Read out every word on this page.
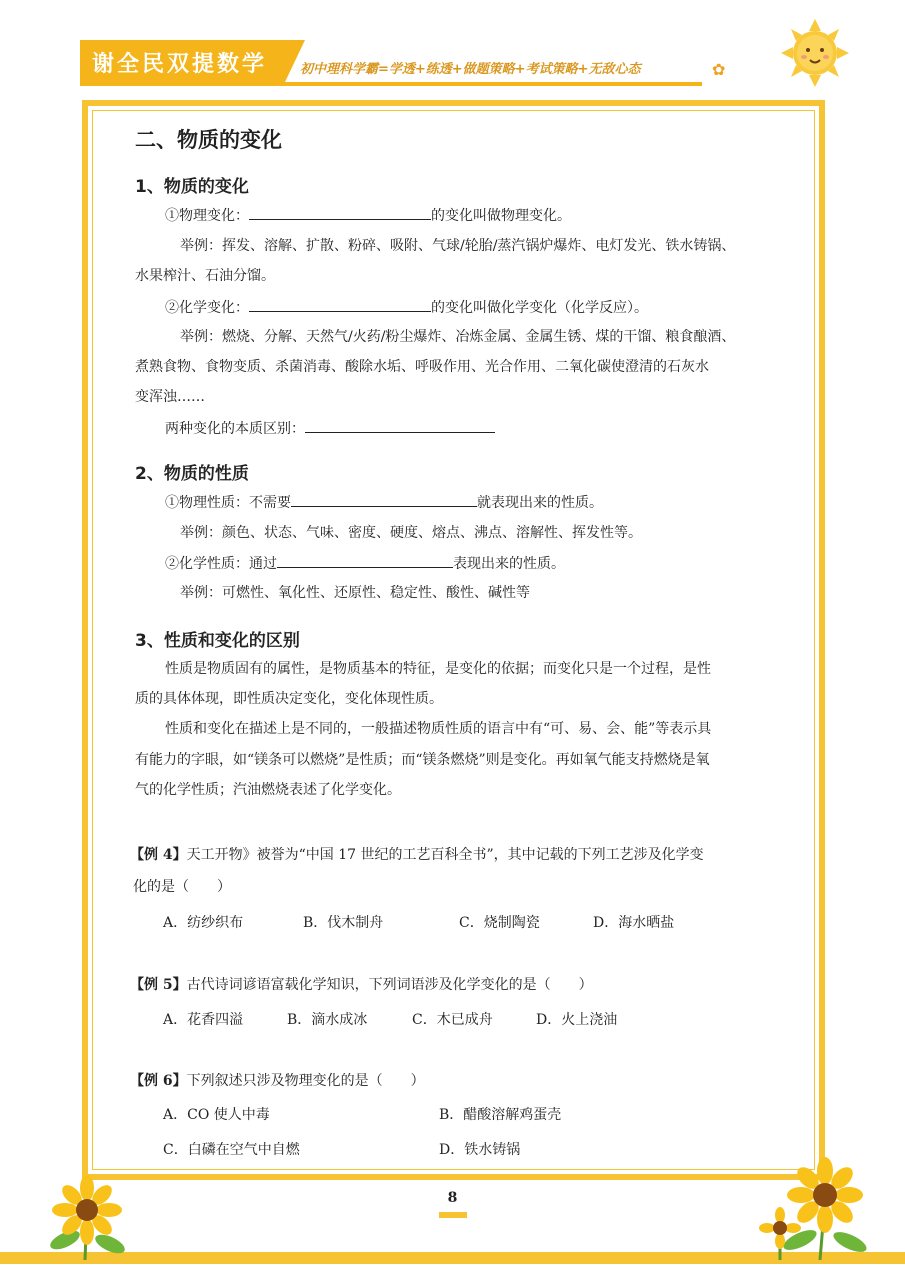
谢全民双提数学	初中理科学霸=学透+练透+做题策略+考试策略+无敌心态	✿
二、物质的变化
1、物质的变化
①物理变化：	的变化叫做物理变化。
举例：挥发、溶解、扩散、粉碎、吸附、气球/轮胎/蒸汽锅炉爆炸、电灯发光、铁水铸锅、
水果榨汁、石油分馏。
②化学变化：	的变化叫做化学变化（化学反应）。
举例：燃烧、分解、天然气/火药/粉尘爆炸、冶炼金属、金属生锈、煤的干馏、粮食酿酒、
煮熟食物、食物变质、杀菌消毒、酸除水垢、呼吸作用、光合作用、二氧化碳使澄清的石灰水
变浑浊……
两种变化的本质区别：
2、物质的性质
①物理性质：不需要	就表现出来的性质。
举例：颜色、状态、气味、密度、硬度、熔点、沸点、溶解性、挥发性等。
②化学性质：通过	表现出来的性质。
举例：可燃性、氧化性、还原性、稳定性、酸性、碱性等
3、性质和变化的区别
性质是物质固有的属性，是物质基本的特征，是变化的依据；而变化只是一个过程，是性
质的具体体现，即性质决定变化，变化体现性质。
性质和变化在描述上是不同的，一般描述物质性质的语言中有“可、易、会、能”等表示具
有能力的字眼，如“镁条可以燃烧”是性质；而“镁条燃烧”则是变化。再如氧气能支持燃烧是氧
气的化学性质；汽油燃烧表述了化学变化。
【例 4】天工开物》被誉为“中国 17 世纪的工艺百科全书”，其中记载的下列工艺涉及化学变
化的是（　　）
A．纺纱织布	B．伐木制舟	C．烧制陶瓷	D．海水晒盐
【例 5】古代诗词谚语富载化学知识，下列词语涉及化学变化的是（　　）
A．花香四溢	B．滴水成冰	C．木已成舟	D．火上浇油
【例 6】下列叙述只涉及物理变化的是（　　）
A．CO 使人中毒	B．醋酸溶解鸡蛋壳
C．白磷在空气中自燃	D．铁水铸锅
8
